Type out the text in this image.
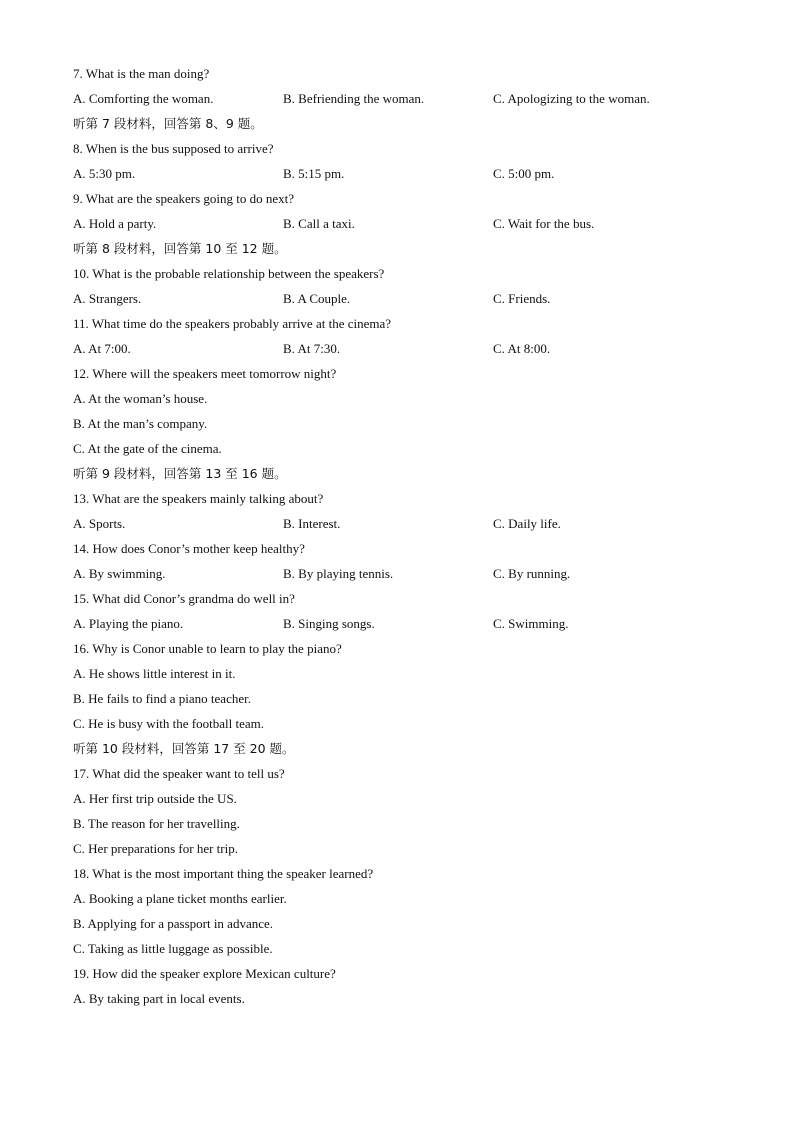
7. What is the man doing?
A. Comforting the woman.	B. Befriending the woman.	C. Apologizing to the woman.
听第 7 段材料，回答第 8、9 题。
8. When is the bus supposed to arrive?
A. 5:30 pm.	B. 5:15 pm.	C. 5:00 pm.
9. What are the speakers going to do next?
A. Hold a party.	B. Call a taxi.	C. Wait for the bus.
听第 8 段材料，回答第 10 至 12 题。
10. What is the probable relationship between the speakers?
A. Strangers.	B. A Couple.	C. Friends.
11. What time do the speakers probably arrive at the cinema?
A. At 7:00.	B. At 7:30.	C. At 8:00.
12. Where will the speakers meet tomorrow night?
A. At the woman’s house.
B. At the man’s company.
C. At the gate of the cinema.
听第 9 段材料，回答第 13 至 16 题。
13. What are the speakers mainly talking about?
A. Sports.	B. Interest.	C. Daily life.
14. How does Conor’s mother keep healthy?
A. By swimming.	B. By playing tennis.	C. By running.
15. What did Conor’s grandma do well in?
A. Playing the piano.	B. Singing songs.	C. Swimming.
16. Why is Conor unable to learn to play the piano?
A. He shows little interest in it.
B. He fails to find a piano teacher.
C. He is busy with the football team.
听第 10 段材料，回答第 17 至 20 题。
17. What did the speaker want to tell us?
A. Her first trip outside the US.
B. The reason for her travelling.
C. Her preparations for her trip.
18. What is the most important thing the speaker learned?
A. Booking a plane ticket months earlier.
B. Applying for a passport in advance.
C. Taking as little luggage as possible.
19. How did the speaker explore Mexican culture?
A. By taking part in local events.
